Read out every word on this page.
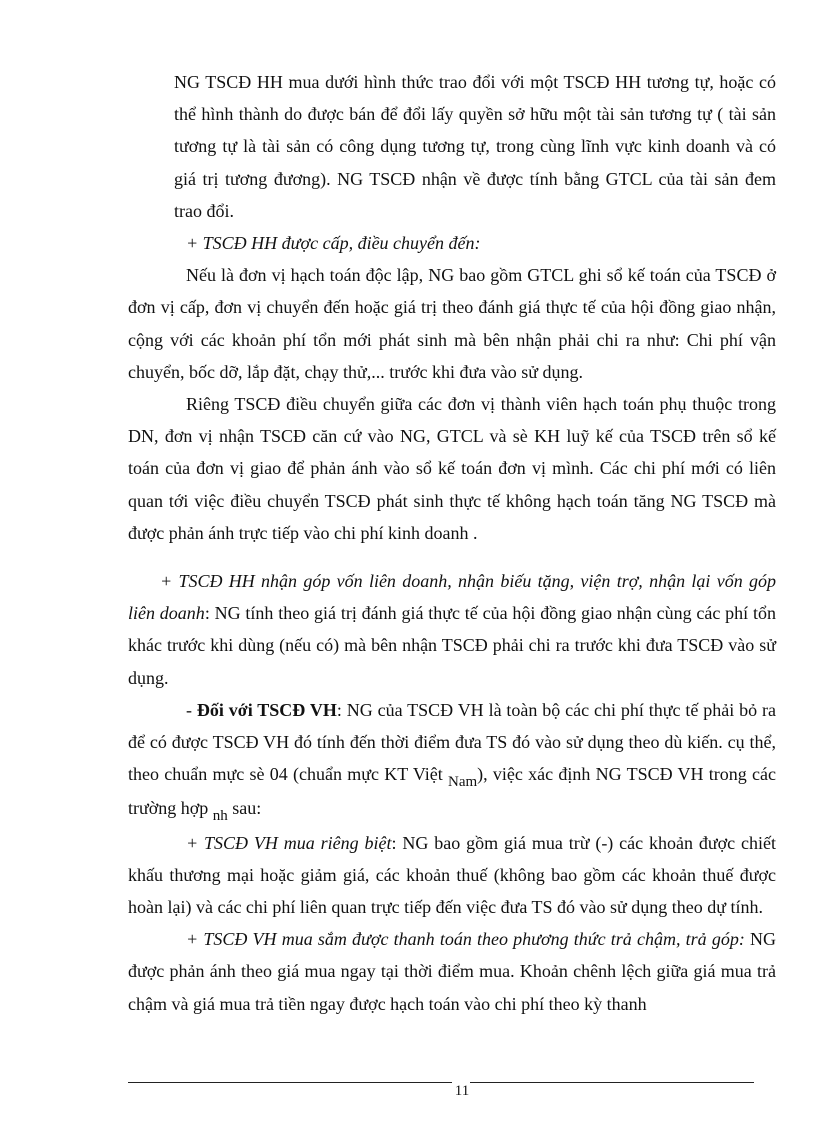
NG TSCĐ HH mua dưới hình thức trao đổi với một TSCĐ HH tương tự, hoặc có thể hình thành do được bán để đổi lấy quyền sở hữu một tài sản tương tự ( tài sản tương tự là tài sản có công dụng tương tự, trong cùng lĩnh vực kinh doanh và có giá trị tương đương). NG TSCĐ nhận về được tính bằng GTCL của tài sản đem trao đổi.

+ TSCĐ HH được cấp, điều chuyển đến:

Nếu là đơn vị hạch toán độc lập, NG bao gồm GTCL ghi sổ kế toán của TSCĐ ở đơn vị cấp, đơn vị chuyển đến hoặc giá trị theo đánh giá thực tế của hội đồng giao nhận, cộng với các khoản phí tổn mới phát sinh mà bên nhận phải chi ra như: Chi phí vận chuyển, bốc dỡ, lắp đặt, chạy thử,... trước khi đưa vào sử dụng.

Riêng TSCĐ điều chuyển giữa các đơn vị thành viên hạch toán phụ thuộc trong DN, đơn vị nhận TSCĐ căn cứ vào NG, GTCL và sè KH luỹ kế của TSCĐ trên sổ kế toán của đơn vị giao để phản ánh vào sổ kế toán đơn vị mình. Các chi phí mới có liên quan tới việc điều chuyển TSCĐ phát sinh thực tế không hạch toán tăng NG TSCĐ mà được phản ánh trực tiếp vào chi phí kinh doanh .

+ TSCĐ HH nhận góp vốn liên doanh, nhận biếu tặng, viện trợ, nhận lại vốn góp liên doanh: NG tính theo giá trị đánh giá thực tế của hội đồng giao nhận cùng các phí tổn khác trước khi dùng (nếu có) mà bên nhận TSCĐ phải chi ra trước khi đưa TSCĐ vào sử dụng.

- Đối với TSCĐ VH: NG của TSCĐ VH là toàn bộ các chi phí thực tế phải bỏ ra để có được TSCĐ VH đó tính đến thời điểm đưa TS đó vào sử dụng theo dù kiến. cụ thể, theo chuẩn mực sè 04 (chuẩn mực KT Việt $_{Nam}$), việc xác định NG TSCĐ VH trong các trường hợp $_{nh}$ sau:

+ TSCĐ VH mua riêng biệt: NG bao gồm giá mua trừ (-) các khoản được chiết khấu thương mại hoặc giảm giá, các khoản thuế (không bao gồm các khoản thuế được hoàn lại) và các chi phí liên quan trực tiếp đến việc đưa TS đó vào sử dụng theo dự tính.

+ TSCĐ VH mua sắm được thanh toán theo phương thức trả chậm, trả góp: NG được phản ánh theo giá mua ngay tại thời điểm mua. Khoản chênh lệch giữa giá mua trả chậm và giá mua trả tiền ngay được hạch toán vào chi phí theo kỳ thanh

11
